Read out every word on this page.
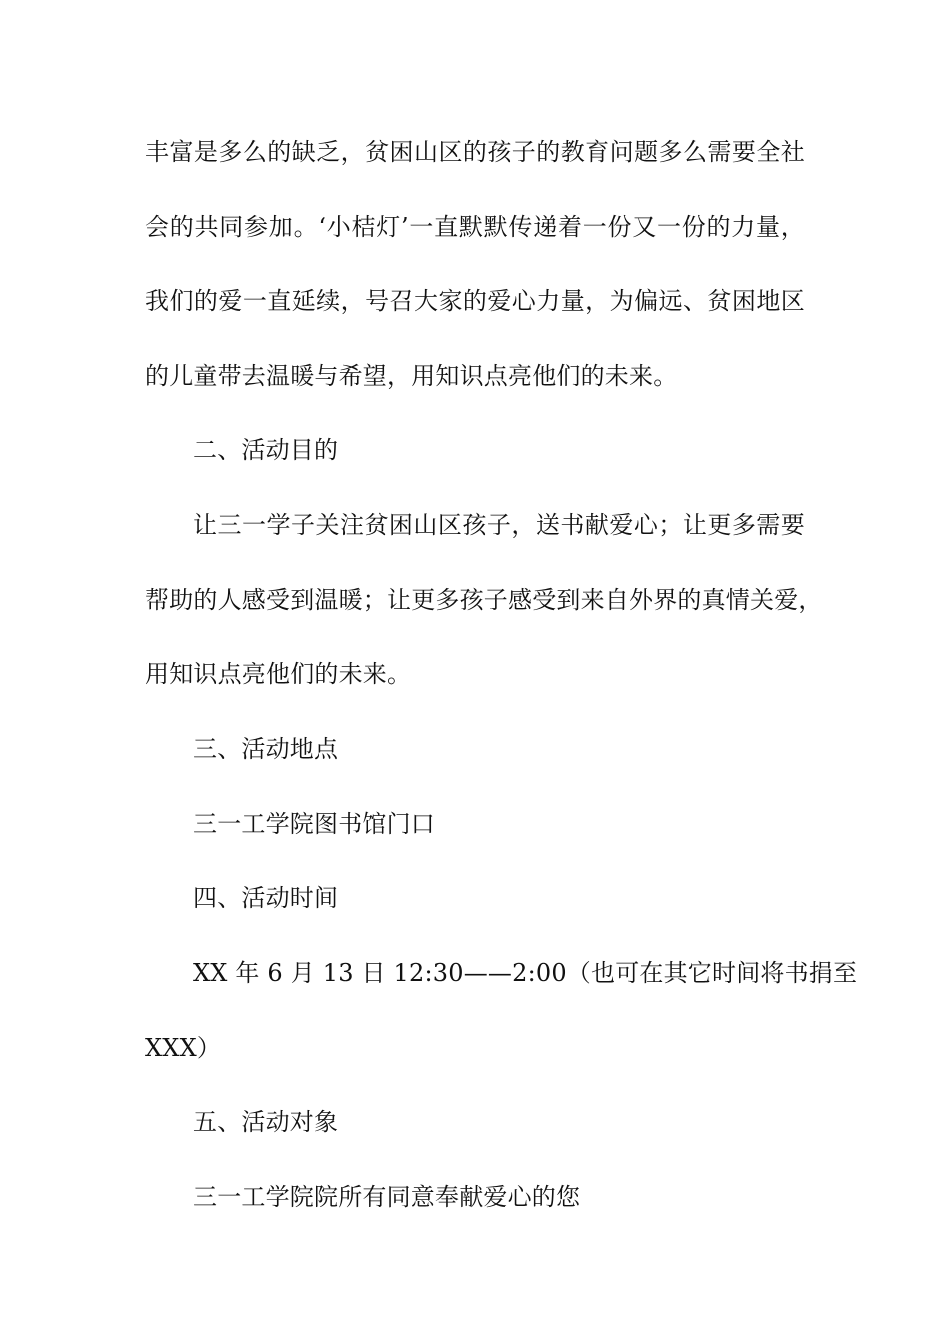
丰富是多么的缺乏，贫困山区的孩子的教育问题多么需要全社
会的共同参加。‘小桔灯’一直默默传递着一份又一份的力量，
我们的爱一直延续，号召大家的爱心力量，为偏远、贫困地区
的儿童带去温暖与希望，用知识点亮他们的未来。
二、活动目的
让三一学子关注贫困山区孩子，送书献爱心；让更多需要
帮助的人感受到温暖；让更多孩子感受到来自外界的真情关爱，
用知识点亮他们的未来。
三、活动地点
三一工学院图书馆门口
四、活动时间
XX 年 6 月 13 日 12:30——2:00（也可在其它时间将书捐至
XXX）
五、活动对象
三一工学院院所有同意奉献爱心的您
